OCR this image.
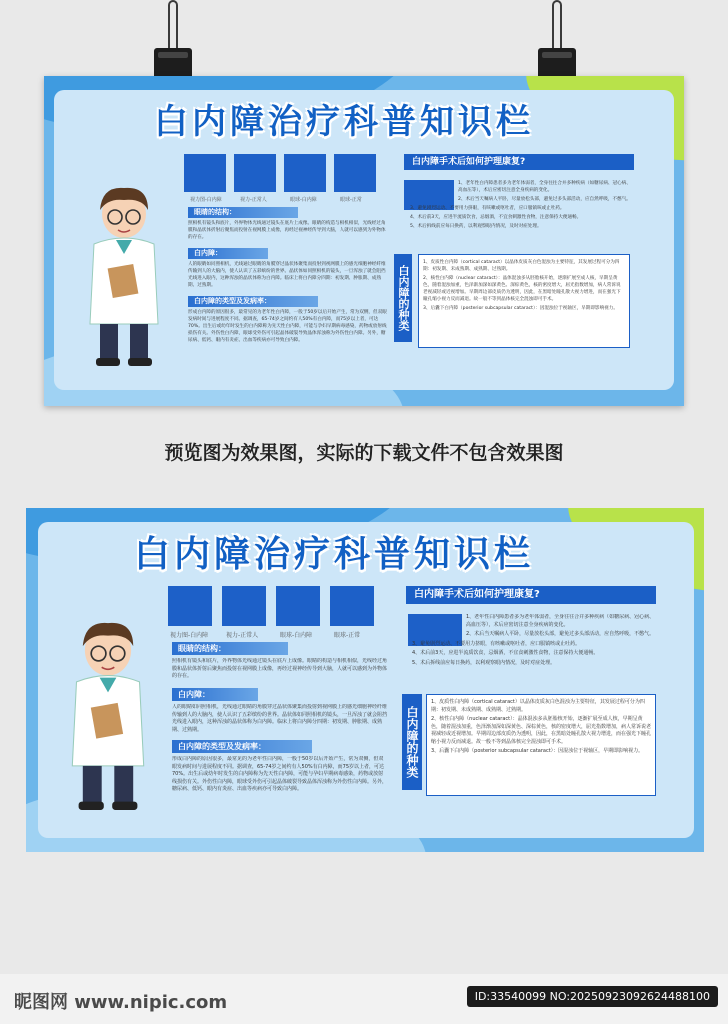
白内障治疗科普知识栏
视力图-白内障	视力-正常人	眼球-白内障	眼球-正常
眼睛的结构：
照相机有镜头和底片，外界物体光线通过镜头在底片上成像。眼睛的构造与相机相似，光线经过角膜和晶状体折射后聚焦而投射在视网膜上成像，再经过视神经传导到大脑，人就可以感到为外物体的存在。
白内障：
人的眼睛如同照相机，光线通过眼睛的角膜穿过晶状体聚集而投射到视网膜上的感光细胞神经纤维传输到人的大脑内，使人认识了五彩缤纷的世界。晶状体如同照相机的镜头，一旦浑浊了就会阻挡光线进入眼内，这种浑浊的晶状体称为白内障。临床上将白内障分四期：初发期、肿胀期、成熟期、过熟期。
白内障的类型及发病率：
形成白内障的原因很多，最常见的为老年性白内障，一般于50岁以后开始产生，常为双侧，但双眼发病时间与进展程度不同。据调查，65-74岁之间约有人50%有白内障，而75岁以上者，可达70%。出生后或幼年时发生的白内障称为先天性白内障，可能与孕妇早期病毒感染，药物或放射线损伤有关。外伤性白内障，眼球受外伤可引起晶体破裂导致晶体浑浊称为外伤性白内障。另外，糖尿病、低钙、眼内有炎症、出血等疾病亦可导致白内障。
白内障手术后如何护理康复?

1、老年性白内障患者多为老年体弱者，全身往往合并多种疾病（如糖尿病、冠心病、高血压等），术后应密切注意全身疾病的变化。

2、术后当天嘱病人平卧，尽量放松头部，避免过多头部活动，应自然呼吸，不憋气。

3、避免剧烈运动、不要用力挤眼，有咳嗽或呕吐者，应口服镇咳或止吐药。

4、术后前3天，应进半流质饮食，忌烟酒，不宜食刺激性食物，注意保持大便通畅。

5、术后拆线前应每日换药，以利观察眼内情况，及时对症处理。

白内障的种类

1、皮质性白内障（cortical cataract）以晶体皮质灰白色混浊为主要特征，其发展过程可分为四期：初发期、未成熟期、成熟期、过熟期。

2、核性白内障（nuclear cataract）：晶体混浊多从胚胎核开始，逐渐扩展至成人核，早期呈黄色，随着混浊加重，色泽渐加深如深黄色、深棕黄色，核的密度增大，屈光指数增加，病人常诉说老视减轻或近视增加。早期周边部皮质仍为透明，因此，在黑暗处瞳孔散大视力增进，而在强光下瞳孔缩小视力反而减退。故一般不等到晶体核完全混浊即可手术。

3、后囊下白内障（posterior subcapsular cataract）：因混浊位于视轴区，早期即影响视力。

预览图为效果图，实际的下载文件不包含效果图
白内障治疗科普知识栏
视力图-白内障	视力-正常人	眼球-白内障	眼球-正常
眼睛的结构：
照相机有镜头和底片，外界物体光线通过镜头在底片上成像。眼睛的构造与相机相似，光线经过角膜和晶状体折射后聚焦而投射在视网膜上成像，再经过视神经传导到大脑，人就可以感到为外物体的存在。
白内障：
人的眼睛如同照相机，光线通过眼睛的角膜穿过晶状体聚集而投射到视网膜上的感光细胞神经纤维传输到人的大脑内，使人认识了五彩缤纷的世界。晶状体如同照相机的镜头，一旦浑浊了就会阻挡光线进入眼内，这种浑浊的晶状体称为白内障。临床上将白内障分四期：初发期、肿胀期、成熟期、过熟期。
白内障的类型及发病率：
形成白内障的原因很多，最常见的为老年性白内障，一般于50岁以后开始产生，常为双侧，但双眼发病时间与进展程度不同。据调查，65-74岁之间约有人50%有白内障，而75岁以上者，可达70%。出生后或幼年时发生的白内障称为先天性白内障，可能与孕妇早期病毒感染，药物或放射线损伤有关。外伤性白内障，眼球受外伤可引起晶体破裂导致晶体浑浊称为外伤性白内障。另外，糖尿病、低钙、眼内有炎症、出血等疾病亦可导致白内障。
白内障手术后如何护理康复?

1、老年性白内障患者多为老年体弱者，全身往往合并多种疾病（如糖尿病、冠心病、高血压等），术后应密切注意全身疾病的变化。

2、术后当天嘱病人平卧，尽量放松头部，避免过多头部活动，应自然呼吸，不憋气。

3、避免剧烈运动、不要用力挤眼，有咳嗽或呕吐者，应口服镇咳或止吐药。

4、术后前3天，应进半流质饮食，忌烟酒，不宜食刺激性食物，注意保持大便通畅。

5、术后拆线前应每日换药，以利观察眼内情况，及时对症处理。

白内障的种类

1、皮质性白内障（cortical cataract）以晶体皮质灰白色混浊为主要特征，其发展过程可分为四期：初发期、未成熟期、成熟期、过熟期。

2、核性白内障（nuclear cataract）：晶体混浊多从胚胎核开始，逐渐扩展至成人核，早期呈黄色，随着混浊加重，色泽渐加深如深黄色、深棕黄色，核的密度增大，屈光指数增加，病人常诉说老视减轻或近视增加。早期周边部皮质仍为透明，因此，在黑暗处瞳孔散大视力增进，而在强光下瞳孔缩小视力反而减退。故一般不等到晶体核完全混浊即可手术。

3、后囊下白内障（posterior subcapsular cataract）：因混浊位于视轴区，早期即影响视力。

昵图网 www.nipic.com	ID:33540099 NO:20250923092624488100
